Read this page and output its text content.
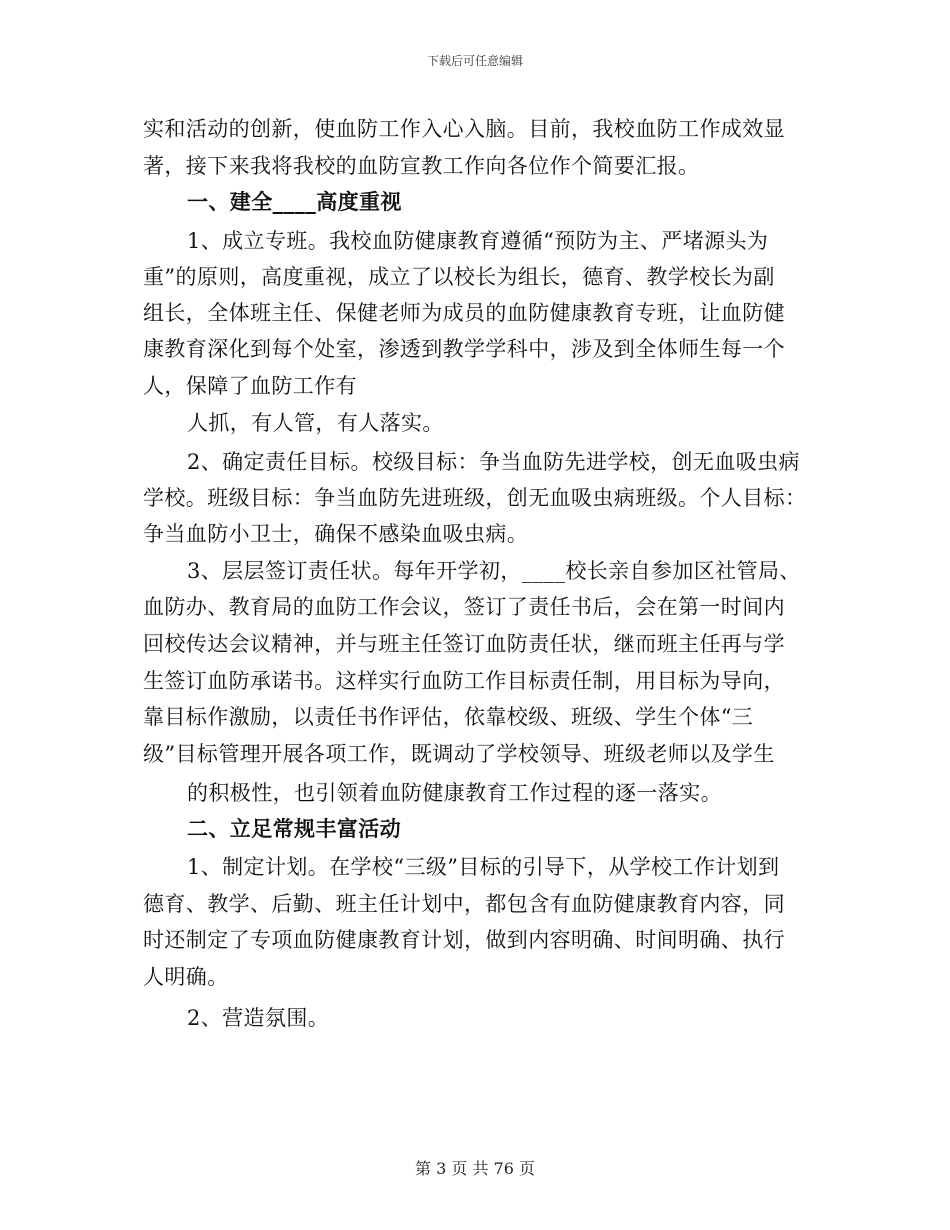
下载后可任意编辑
实和活动的创新，使血防工作入心入脑。目前，我校血防工作成效显
著，接下来我将我校的血防宣教工作向各位作个简要汇报。
一、建全____高度重视
1、成立专班。我校血防健康教育遵循“预防为主、严堵源头为
重”的原则，高度重视，成立了以校长为组长，德育、教学校长为副
组长，全体班主任、保健老师为成员的血防健康教育专班，让血防健
康教育深化到每个处室，渗透到教学学科中，涉及到全体师生每一个
人，保障了血防工作有
人抓，有人管，有人落实。
2、确定责任目标。校级目标：争当血防先进学校，创无血吸虫病
学校。班级目标：争当血防先进班级，创无血吸虫病班级。个人目标：
争当血防小卫士，确保不感染血吸虫病。
3、层层签订责任状。每年开学初，____校长亲自参加区社管局、
血防办、教育局的血防工作会议，签订了责任书后，会在第一时间内
回校传达会议精神，并与班主任签订血防责任状，继而班主任再与学
生签订血防承诺书。这样实行血防工作目标责任制，用目标为导向，
靠目标作激励，以责任书作评估，依靠校级、班级、学生个体“三
级”目标管理开展各项工作，既调动了学校领导、班级老师以及学生
的积极性，也引领着血防健康教育工作过程的逐一落实。
二、立足常规丰富活动
1、制定计划。在学校“三级”目标的引导下，从学校工作计划到
德育、教学、后勤、班主任计划中，都包含有血防健康教育内容，同
时还制定了专项血防健康教育计划，做到内容明确、时间明确、执行
人明确。
2、营造氛围。
第 3 页 共 76 页
